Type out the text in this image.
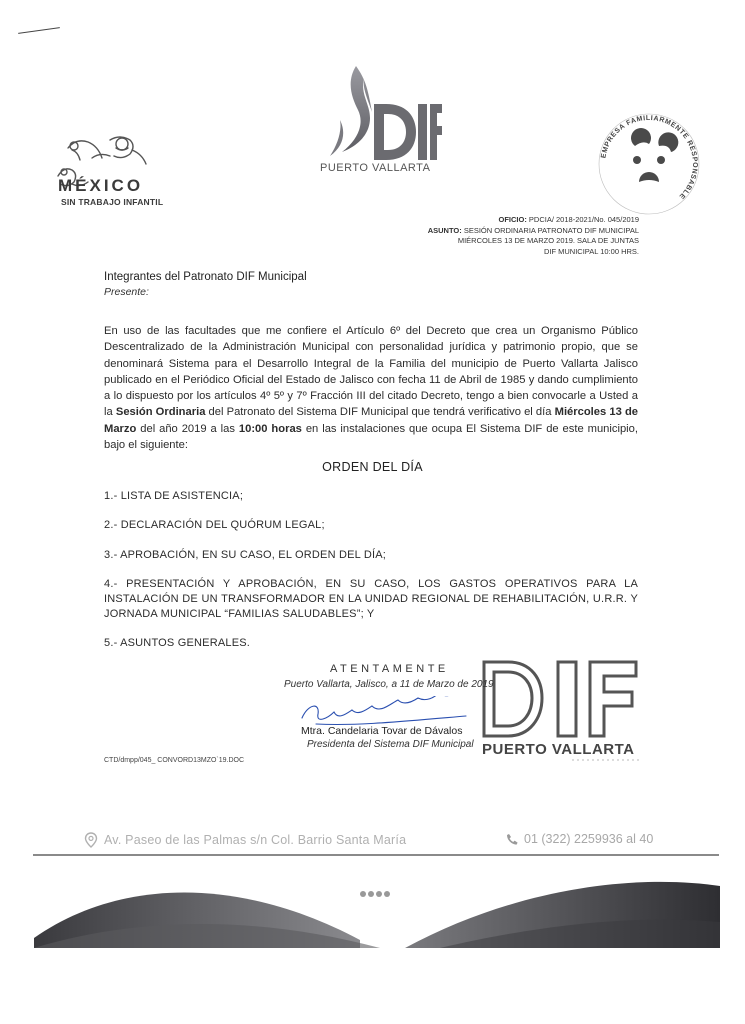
MÉXICO
SIN TRABAJO INFANTIL
PUERTO VALLARTA
EMPRESA FAMILIARMENTE RESPONSABLE
OFICIO: PDCIA/ 2018-2021/No. 045/2019
ASUNTO: SESIÓN ORDINARIA PATRONATO DIF MUNICIPAL
MIÉRCOLES 13 DE MARZO 2019. SALA DE JUNTAS
DIF MUNICIPAL 10:00 HRS.
Integrantes del Patronato DIF Municipal
Presente:
En uso de las facultades que me confiere el Artículo 6º del Decreto que crea un Organismo Público Descentralizado de la Administración Municipal con personalidad jurídica y patrimonio propio, que se denominará Sistema para el Desarrollo Integral de la Familia del municipio de Puerto Vallarta Jalisco publicado en el Periódico Oficial del Estado de Jalisco con fecha 11 de Abril de 1985 y dando cumplimiento a lo dispuesto por los artículos 4º 5º y 7º Fracción III del citado Decreto, tengo a bien convocarle a Usted a la Sesión Ordinaria del Patronato del Sistema DIF Municipal que tendrá verificativo el día Miércoles 13 de Marzo del año 2019 a las 10:00 horas en las instalaciones que ocupa El Sistema DIF de este municipio, bajo el siguiente:
ORDEN DEL DÍA
1.- LISTA DE ASISTENCIA;
2.- DECLARACIÓN DEL QUÓRUM LEGAL;
3.- APROBACIÓN, EN SU CASO, EL ORDEN DEL DÍA;
4.- PRESENTACIÓN Y APROBACIÓN, EN SU CASO, LOS GASTOS OPERATIVOS PARA LA INSTALACIÓN DE UN TRANSFORMADOR EN LA UNIDAD REGIONAL DE REHABILITACIÓN, U.R.R. Y JORNADA MUNICIPAL “FAMILIAS SALUDABLES”; Y
5.- ASUNTOS GENERALES.
PUERTO VALLARTA
ATENTAMENTE
Puerto Vallarta, Jalisco, a 11 de Marzo de 2019
Mtra. Candelaria Tovar de Dávalos
Presidenta del Sistema DIF Municipal
CTD/dmpp/045_ CONVORD13MZO`19.DOC
Av. Paseo de las Palmas s/n Col. Barrio Santa María	01 (322) 2259936 al 40
